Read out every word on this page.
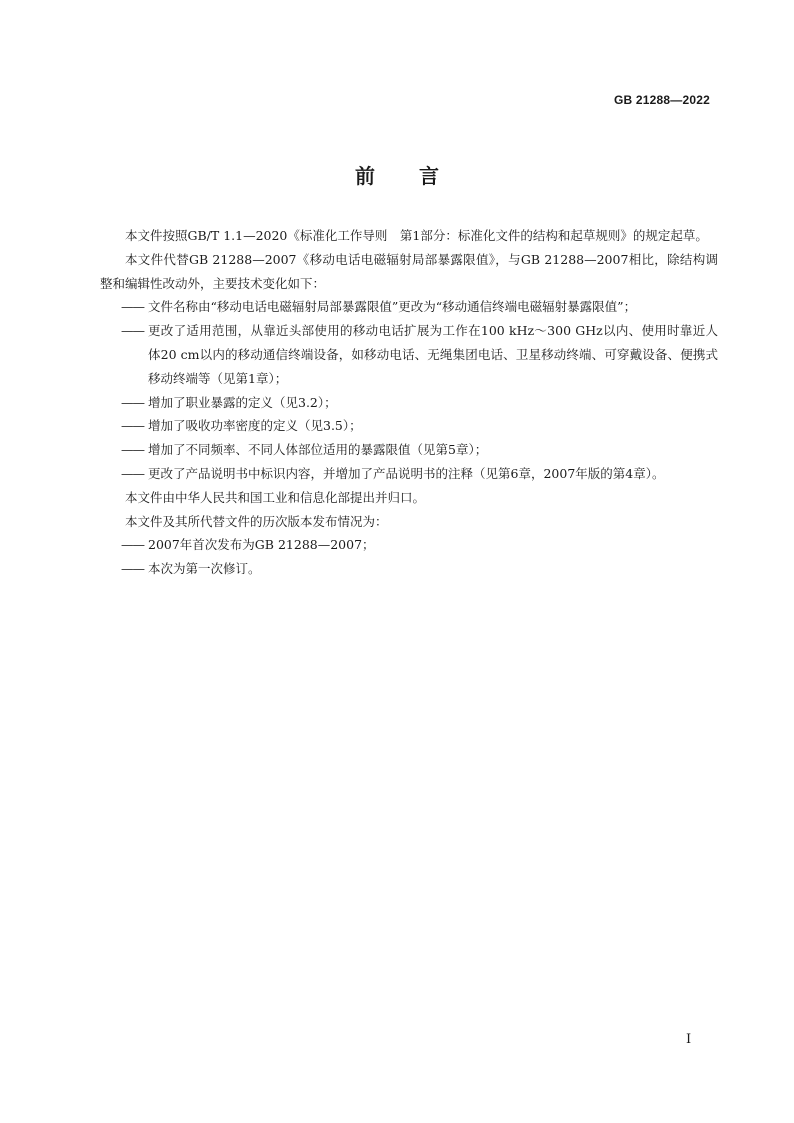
GB 21288—2022
前言

本文件按照GB/T 1.1—2020《标准化工作导则　第1部分：标准化文件的结构和起草规则》的规定起草。

本文件代替GB 21288—2007《移动电话电磁辐射局部暴露限值》，与GB 21288—2007相比，除结构调整和编辑性改动外，主要技术变化如下：

—— 文件名称由“移动电话电磁辐射局部暴露限值”更改为“移动通信终端电磁辐射暴露限值”；

—— 更改了适用范围，从靠近头部使用的移动电话扩展为工作在100 kHz～300 GHz以内、使用时靠近人体20 cm以内的移动通信终端设备，如移动电话、无绳集团电话、卫星移动终端、可穿戴设备、便携式移动终端等（见第1章）；

—— 增加了职业暴露的定义（见3.2）；

—— 增加了吸收功率密度的定义（见3.5）；

—— 增加了不同频率、不同人体部位适用的暴露限值（见第5章）；

—— 更改了产品说明书中标识内容，并增加了产品说明书的注释（见第6章，2007年版的第4章）。

本文件由中华人民共和国工业和信息化部提出并归口。

本文件及其所代替文件的历次版本发布情况为：

—— 2007年首次发布为GB 21288—2007；

—— 本次为第一次修订。

I
